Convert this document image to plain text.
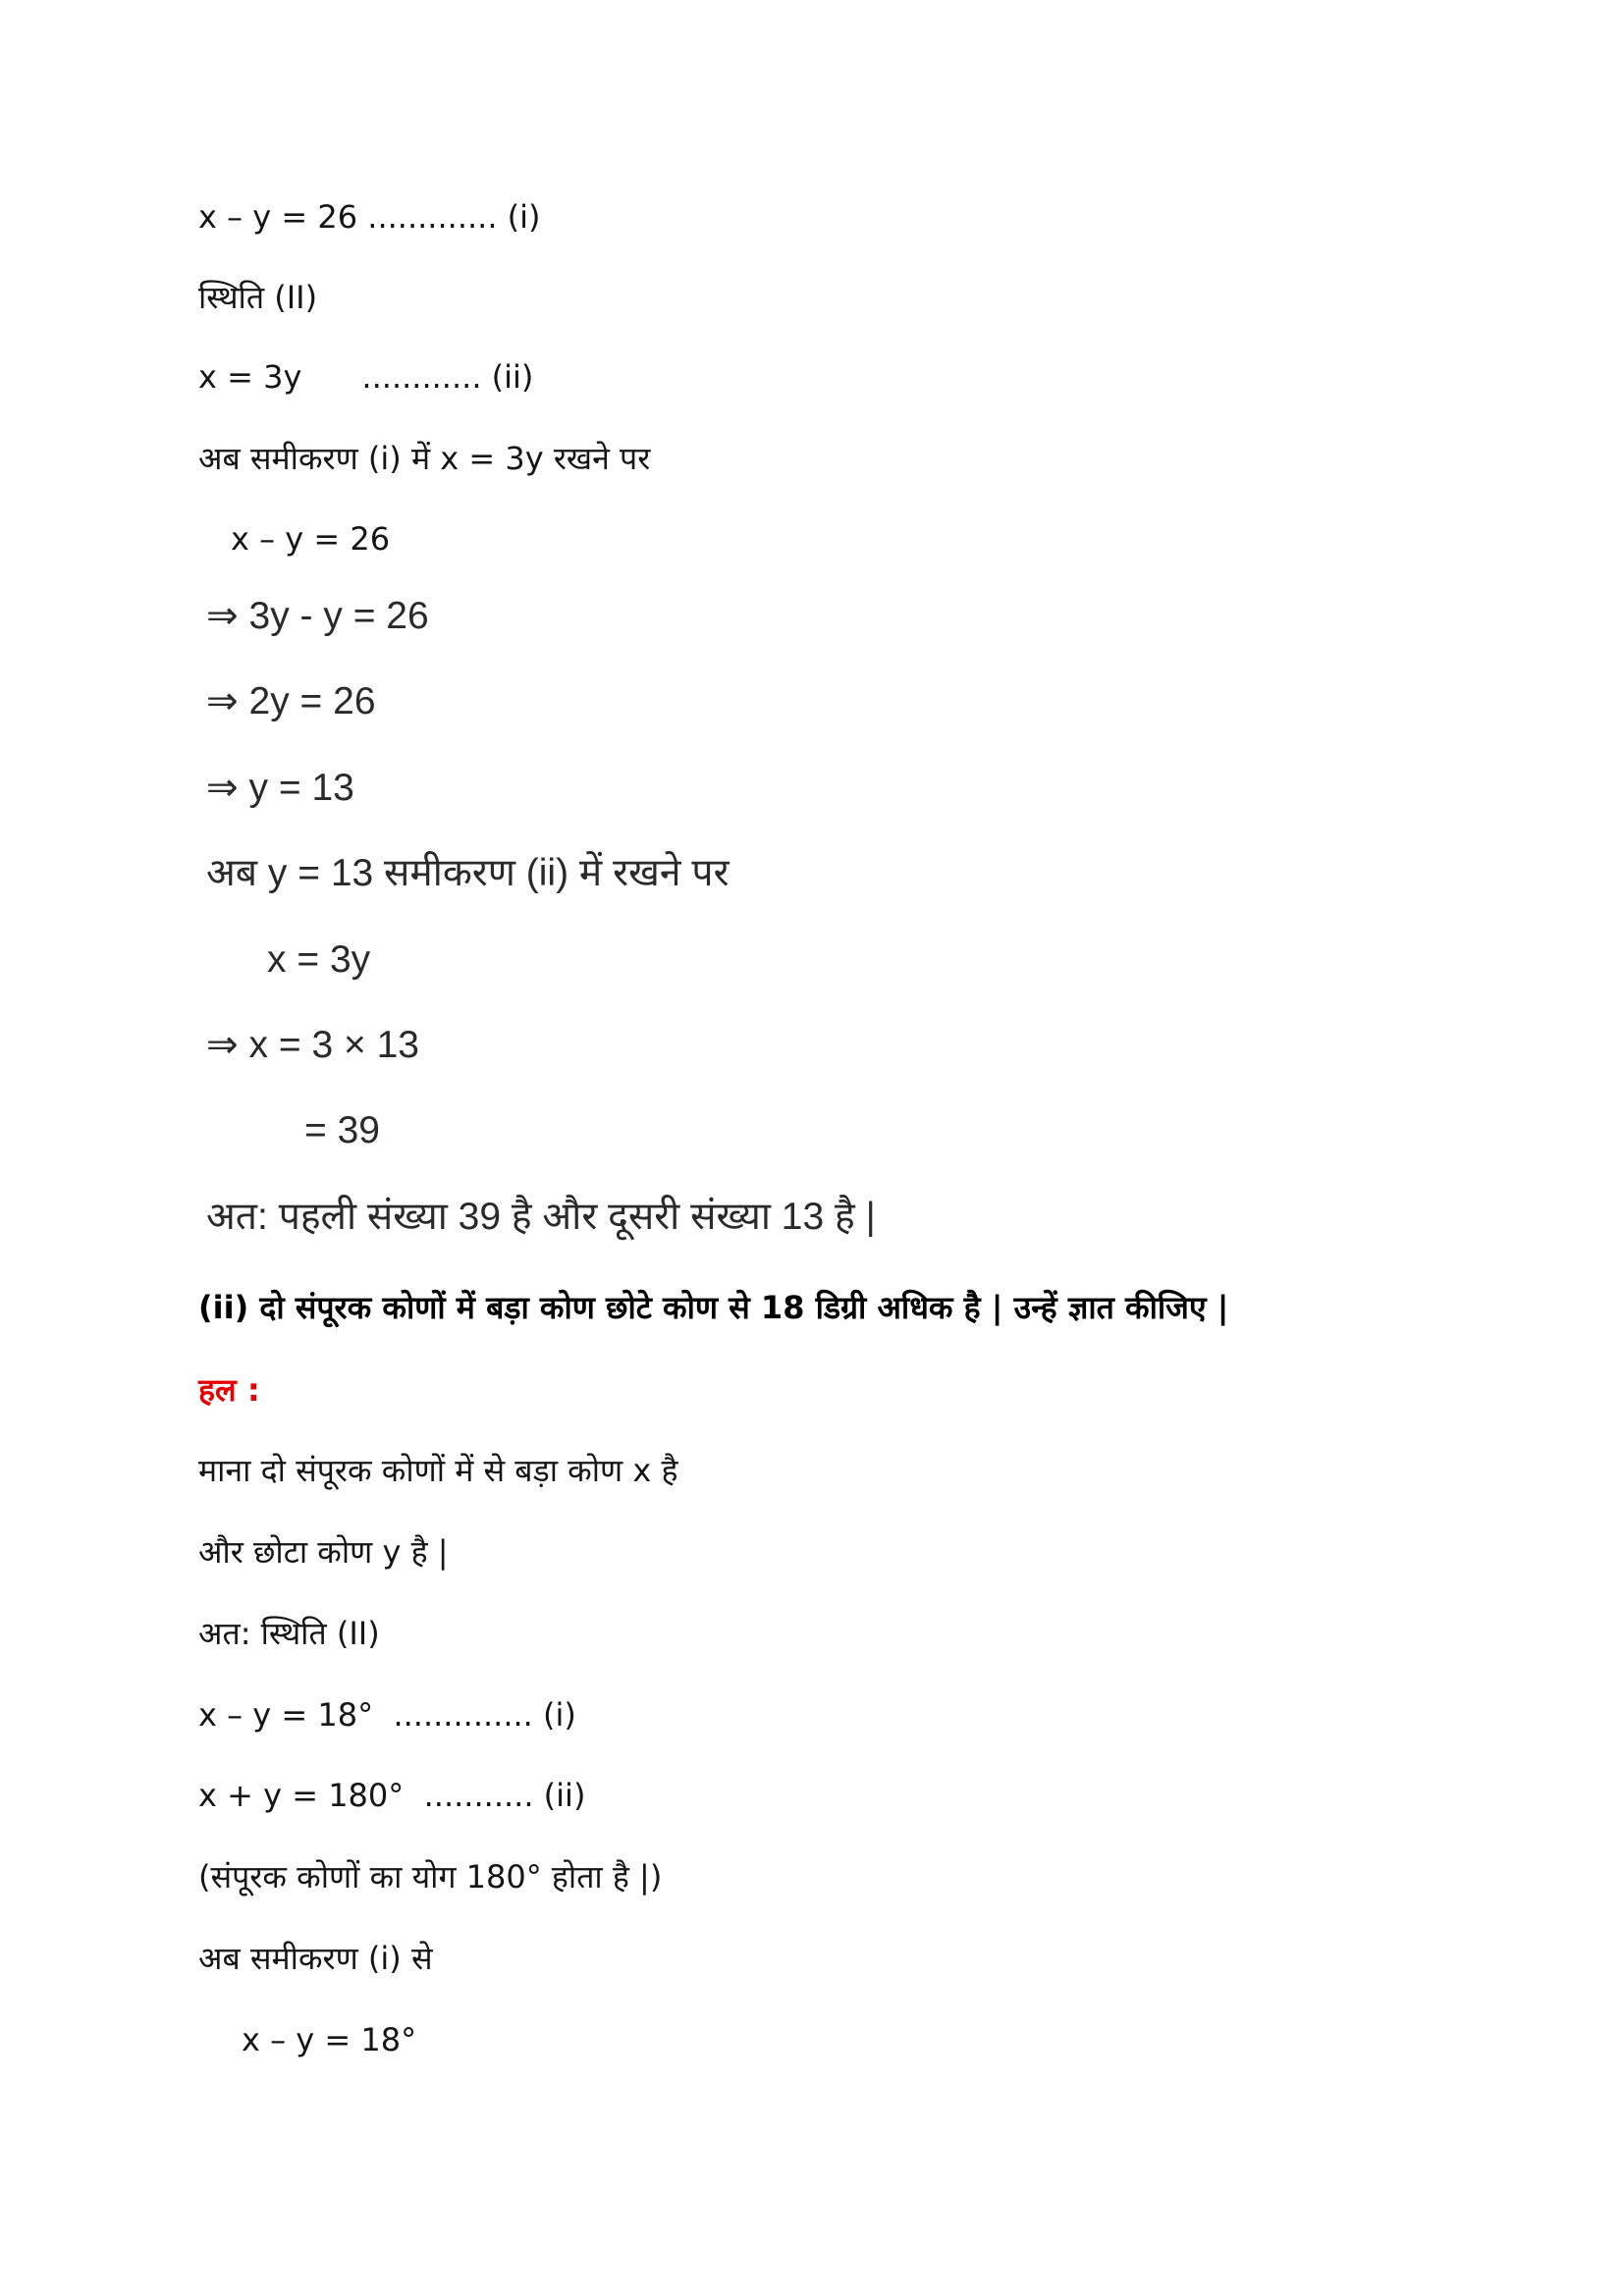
x – y = 26 ............. (i)
स्थिति (II)
x = 3y      ............ (ii)
अब समीकरण (i) में x = 3y रखने पर
x – y = 26
⇒ 3y - y = 26
⇒ 2y = 26
⇒ y = 13
अब y = 13 समीकरण (ii) में रखने पर
x = 3y
⇒ x = 3 × 13
= 39
अत: पहली संख्या 39 है और दूसरी संख्या 13 है |
(ii) दो संपूरक कोणों में बड़ा कोण छोटे कोण से 18 डिग्री अधिक है | उन्हें ज्ञात कीजिए |
हल :
माना दो संपूरक कोणों में से बड़ा कोण x है
और छोटा कोण y है |
अत: स्थिति (II)
x – y = 18°  .............. (i)
x + y = 180°  ........... (ii)
(संपूरक कोणों का योग 180° होता है |)
अब समीकरण (i) से
x – y = 18°
